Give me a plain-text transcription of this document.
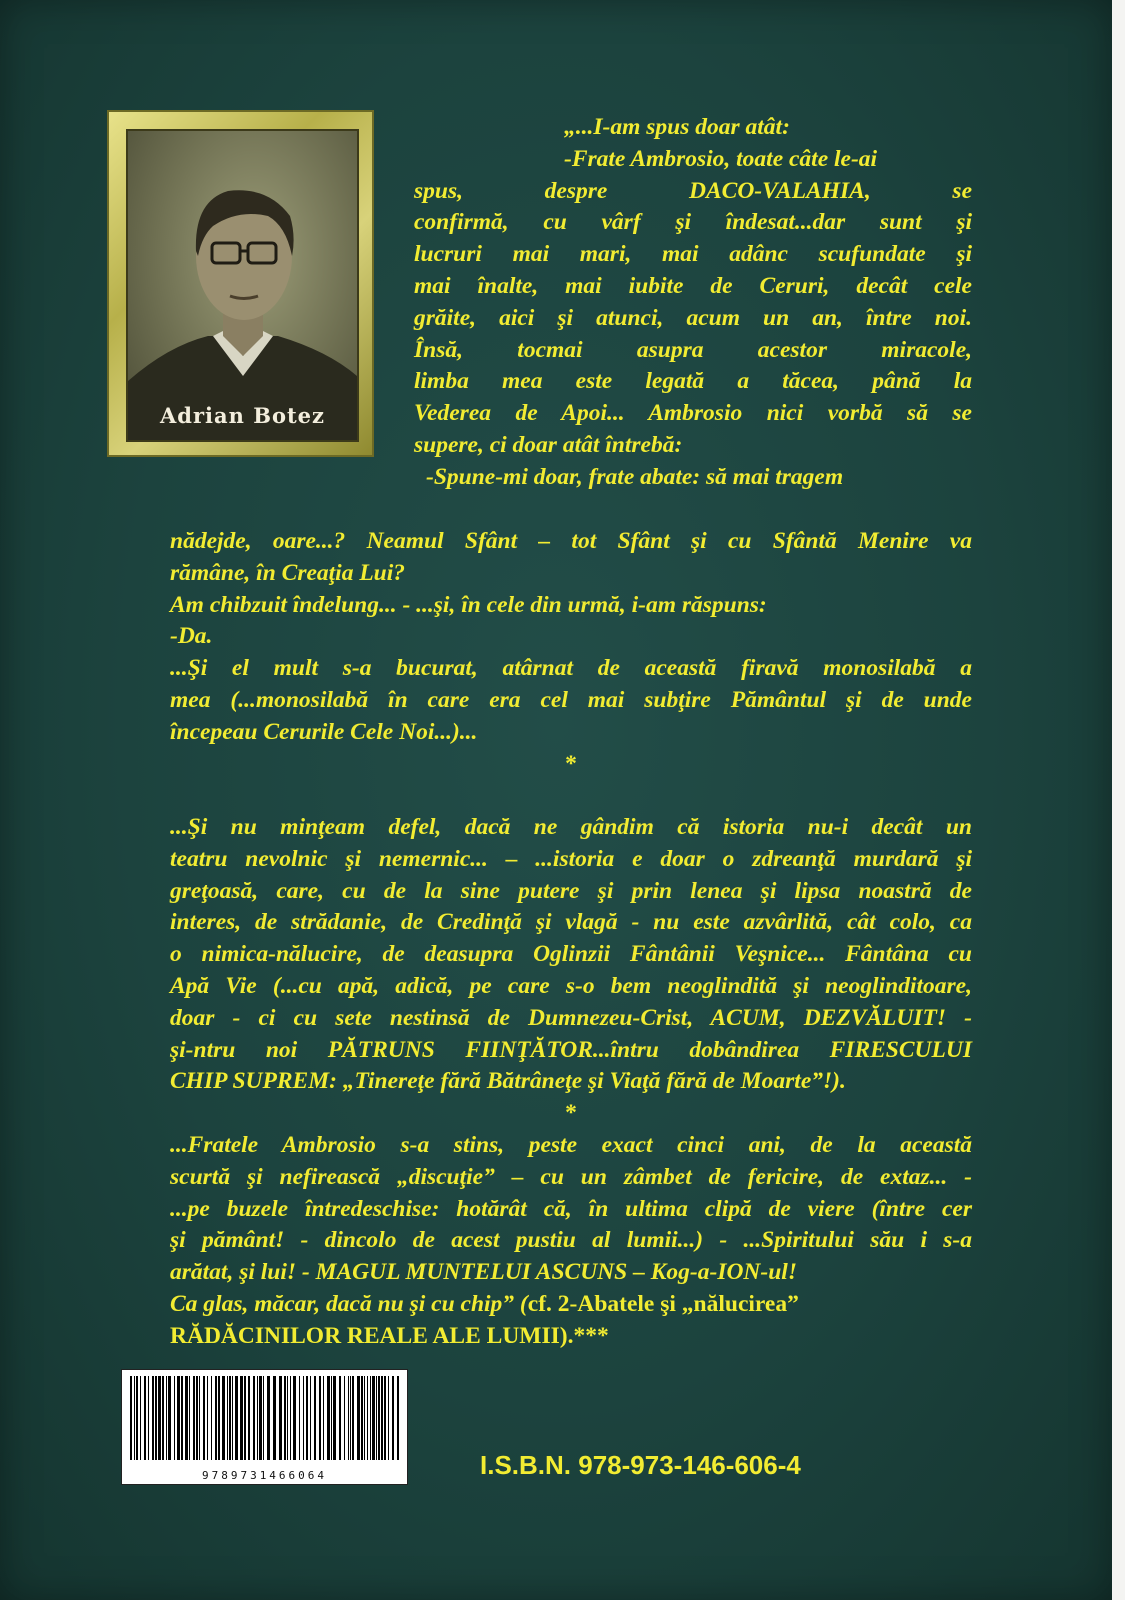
Adrian Botez
„...I-am spus doar atât:
-Frate Ambrosio, toate câte le-ai
spus, despre DACO-VALAHIA, se
confirmă, cu vârf şi îndesat...dar sunt şi
lucruri mai mari, mai adânc scufundate şi
mai înalte, mai iubite de Ceruri, decât cele
grăite, aici şi atunci, acum un an, între noi.
Însă, tocmai asupra acestor miracole,
limba mea este legată a tăcea, până la
Vederea de Apoi... Ambrosio nici vorbă să se
supere, ci doar atât întrebă:
-Spune-mi doar, frate abate: să mai tragem
nădejde, oare...? Neamul Sfânt – tot Sfânt şi cu Sfântă Menire va
rămâne, în Creaţia Lui?
Am chibzuit îndelung... - ...şi, în cele din urmă, i-am răspuns:
-Da.
...Şi el mult s-a bucurat, atârnat de această firavă monosilabă a
mea (...monosilabă în care era cel mai subţire Pământul şi de unde
începeau Cerurile Cele Noi...)...
*
...Şi nu minţeam defel, dacă ne gândim că istoria nu-i decât un
teatru nevolnic şi nemernic... – ...istoria e doar o zdreanţă murdară şi
greţoasă, care, cu de la sine putere şi prin lenea şi lipsa noastră de
interes, de strădanie, de Credinţă şi vlagă - nu este azvârlită, cât colo, ca
o nimica-nălucire, de deasupra Oglinzii Fântânii Veşnice... Fântâna cu
Apă Vie (...cu apă, adică, pe care s-o bem neoglindită şi neoglinditoare,
doar - ci cu sete nestinsă de Dumnezeu-Crist, ACUM, DEZVĂLUIT! -
şi-ntru noi PĂTRUNS FIINŢĂTOR...întru dobândirea FIRESCULUI
CHIP SUPREM: „Tinereţe fără Bătrâneţe şi Viaţă fără de Moarte”!).
*
...Fratele Ambrosio s-a stins, peste exact cinci ani, de la această
scurtă şi nefirească „discuţie” – cu un zâmbet de fericire, de extaz... -
...pe buzele întredeschise: hotărât că, în ultima clipă de viere (între cer
şi pământ! - dincolo de acest pustiu al lumii...) - ...Spiritului său i s-a
arătat, şi lui! - MAGUL MUNTELUI ASCUNS – Kog-a-ION-ul!
Ca glas, măcar, dacă nu şi cu chip” (cf. 2-Abatele şi „nălucirea”
RĂDĂCINILOR REALE ALE LUMII).***
9789731466064	I.S.B.N. 978-973-146-606-4
